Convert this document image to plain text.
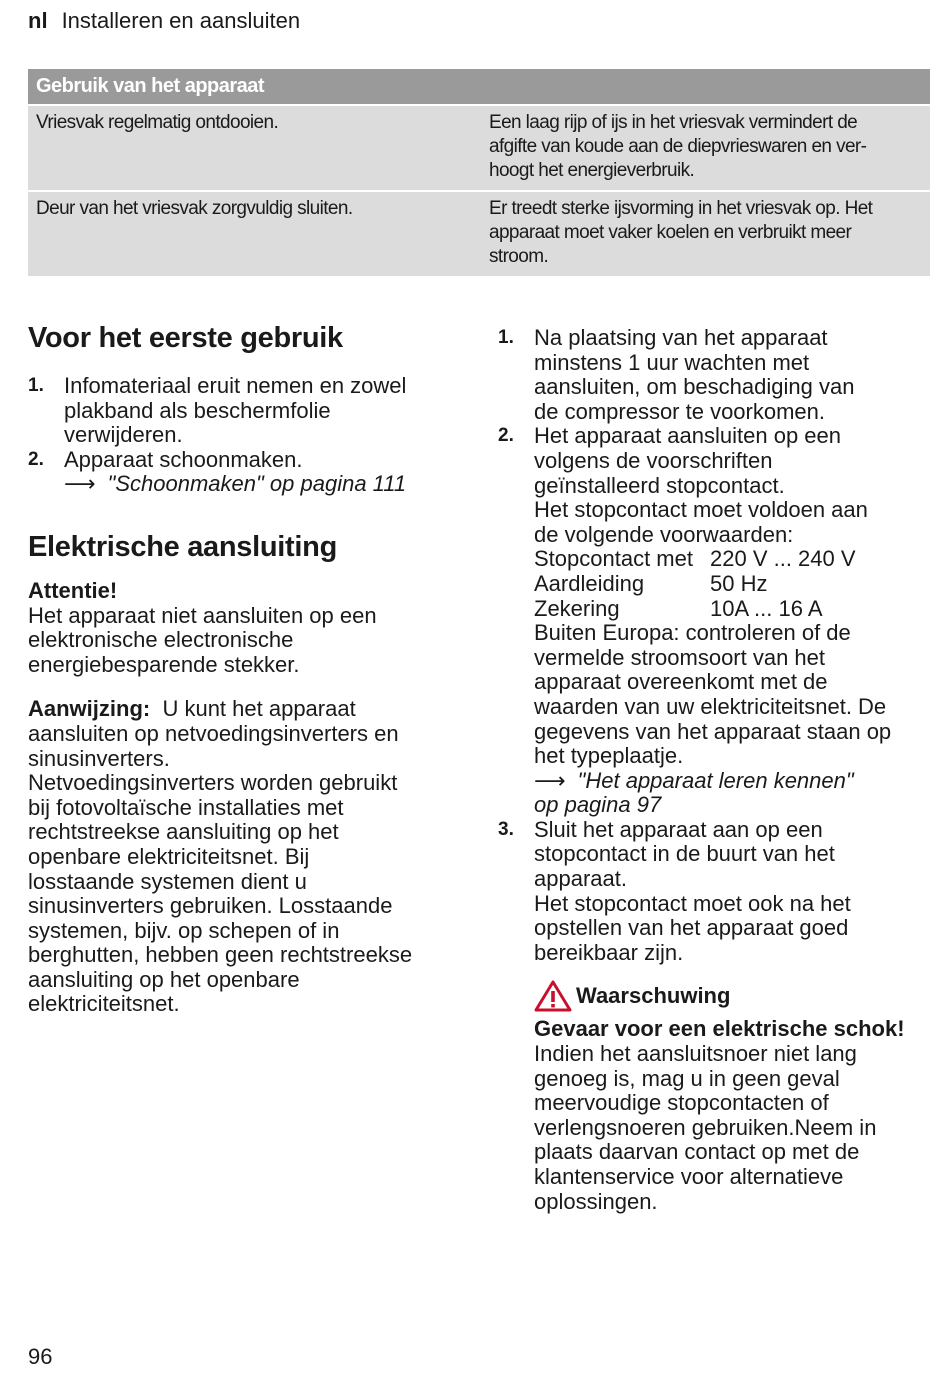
nl Installeren en aansluiten
Gebruik van het apparaat
Vriesvak regelmatig ontdooien.	Een laag rijp of ijs in het vriesvak vermindert de
afgifte van koude aan de diepvrieswaren en ver-
hoogt het energieverbruik.
Deur van het vriesvak zorgvuldig sluiten.	Er treedt sterke ijsvorming in het vriesvak op. Het
apparaat moet vaker koelen en verbruikt meer
stroom.
Voor het eerste gebruik
1. Infomateriaal eruit nemen en zowel
plakband als beschermfolie
verwijderen.
2. Apparaat schoonmaken.
⟶ "Schoonmaken" op pagina 111
Elektrische aansluiting
Attentie!
Het apparaat niet aansluiten op een
elektronische electronische
energiebesparende stekker.
Aanwijzing: U kunt het apparaat
aansluiten op netvoedingsinverters en
sinusinverters.
Netvoedingsinverters worden gebruikt
bij fotovoltaïsche installaties met
rechtstreekse aansluiting op het
openbare elektriciteitsnet. Bij
losstaande systemen dient u
sinusinverters gebruiken. Losstaande
systemen, bijv. op schepen of in
berghutten, hebben geen rechtstreekse
aansluiting op het openbare
elektriciteitsnet.
1. Na plaatsing van het apparaat
minstens 1 uur wachten met
aansluiten, om beschadiging van
de compressor te voorkomen.
2. Het apparaat aansluiten op een
volgens de voorschriften
geïnstalleerd stopcontact.
Het stopcontact moet voldoen aan
de volgende voorwaarden:
Stopcontact met 220 V ... 240 V
Aardleiding	50 Hz
Zekering	10A ... 16 A
Buiten Europa: controleren of de
vermelde stroomsoort van het
apparaat overeenkomt met de
waarden van uw elektriciteitsnet. De
gegevens van het apparaat staan op
het typeplaatje.
⟶ "Het apparaat leren kennen"
op pagina 97
3. Sluit het apparaat aan op een
stopcontact in de buurt van het
apparaat.
Het stopcontact moet ook na het
opstellen van het apparaat goed
bereikbaar zijn.
Waarschuwing
Gevaar voor een elektrische schok!
Indien het aansluitsnoer niet lang
genoeg is, mag u in geen geval
meervoudige stopcontacten of
verlengsnoeren gebruiken.Neem in
plaats daarvan contact op met de
klantenservice voor alternatieve
oplossingen.
96
